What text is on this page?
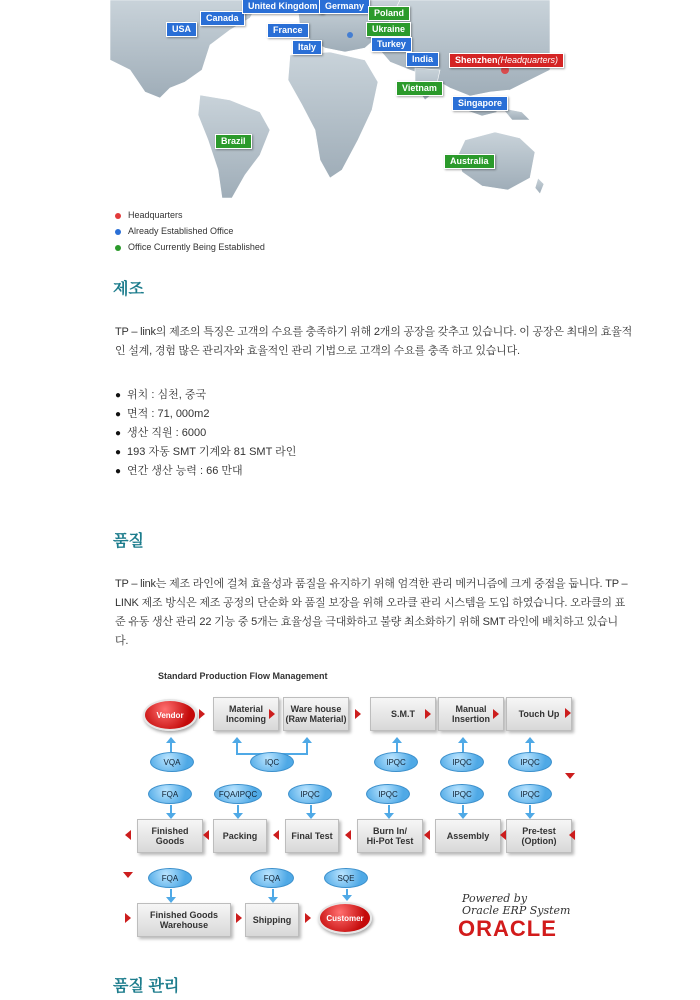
USA
Canada
United Kingdom Germany
France
Italy
Poland
Ukraine
Turkey
India	Shenzhen(Headquarters)
Vietnam
Singapore
Brazil
Australia
Headquarters
Already Established Office
Office Currently Being Established
제조
TP – link의 제조의 특징은 고객의 수요를 충족하기 위해 2개의 공장을 갖추고 있습니다. 이 공장은 최대의 효율적인 설계, 경험 많은 관리자와 효율적인 관리 기법으로 고객의 수요를 충족 하고 있습니다.
● 위치 : 심천, 중국
● 면적 : 71, 000m2
● 생산 직원 : 6000
● 193 자동 SMT 기계와 81 SMT 라인
● 연간 생산 능력 : 66 만대
품질
TP – link는 제조 라인에 걸쳐 효율성과 품질을 유지하기 위해 엄격한 관리 메커니즘에 크게 중점을 둡니다. TP –LINK 제조 방식은 제조 공정의 단순화 와 품질 보장을 위해 오라클 관리 시스템을 도입 하였습니다. 오라클의 표준 유동 생산 관리 22 기능 중 5개는 효율성을 극대화하고 불량 최소화하기 위해 SMT 라인에 배치하고 있습니다.
Standard Production Flow Management
Vendor
Material
Incoming
Ware house
(Raw Material)	S.M.T	Manual
Insertion	Touch Up
VQA	IQC	IPQC	IPQC	IPQC
FQA	FQA/IPQC	IPQC	IPQC	IPQC	IPQC
Finished
Goods	Packing	Final Test	Burn In/
Hi-Pot Test	Assembly	Pre-test
(Option)
FQA	FQA	SQE
Finished Goods
Warehouse	Shipping	Customer
Powered by
Oracle ERP System
ORACLE
품질 관리
